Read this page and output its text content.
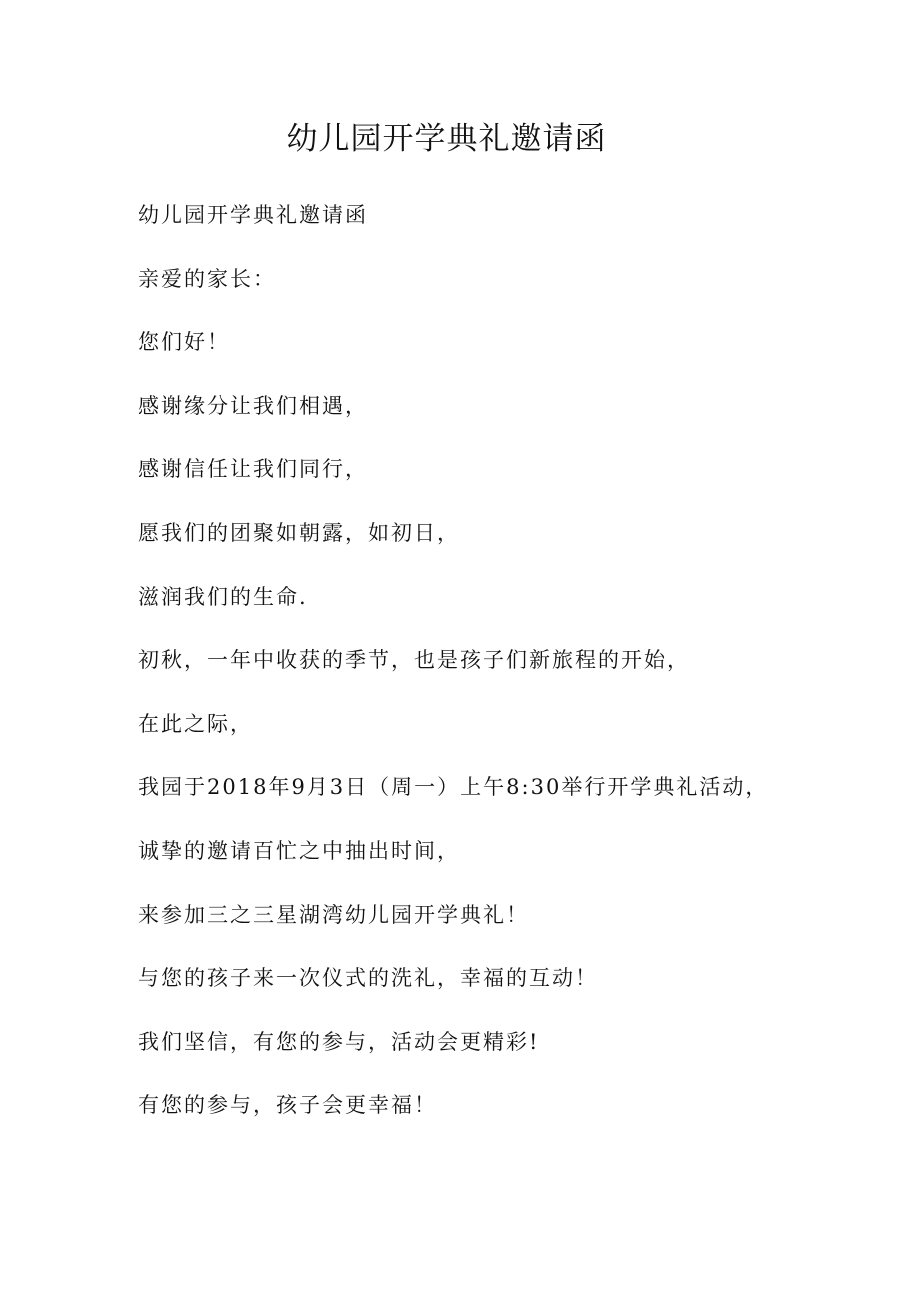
幼儿园开学典礼邀请函
幼儿园开学典礼邀请函
亲爱的家长：
您们好！
感谢缘分让我们相遇，
感谢信任让我们同行，
愿我们的团聚如朝露，如初日，
滋润我们的生命.
初秋，一年中收获的季节，也是孩子们新旅程的开始，
在此之际，
我园于2018年9月3日（周一）上午8:30举行开学典礼活动，
诚挚的邀请百忙之中抽出时间，
来参加三之三星湖湾幼儿园开学典礼！
与您的孩子来一次仪式的洗礼，幸福的互动！
我们坚信，有您的参与，活动会更精彩!
有您的参与，孩子会更幸福！
